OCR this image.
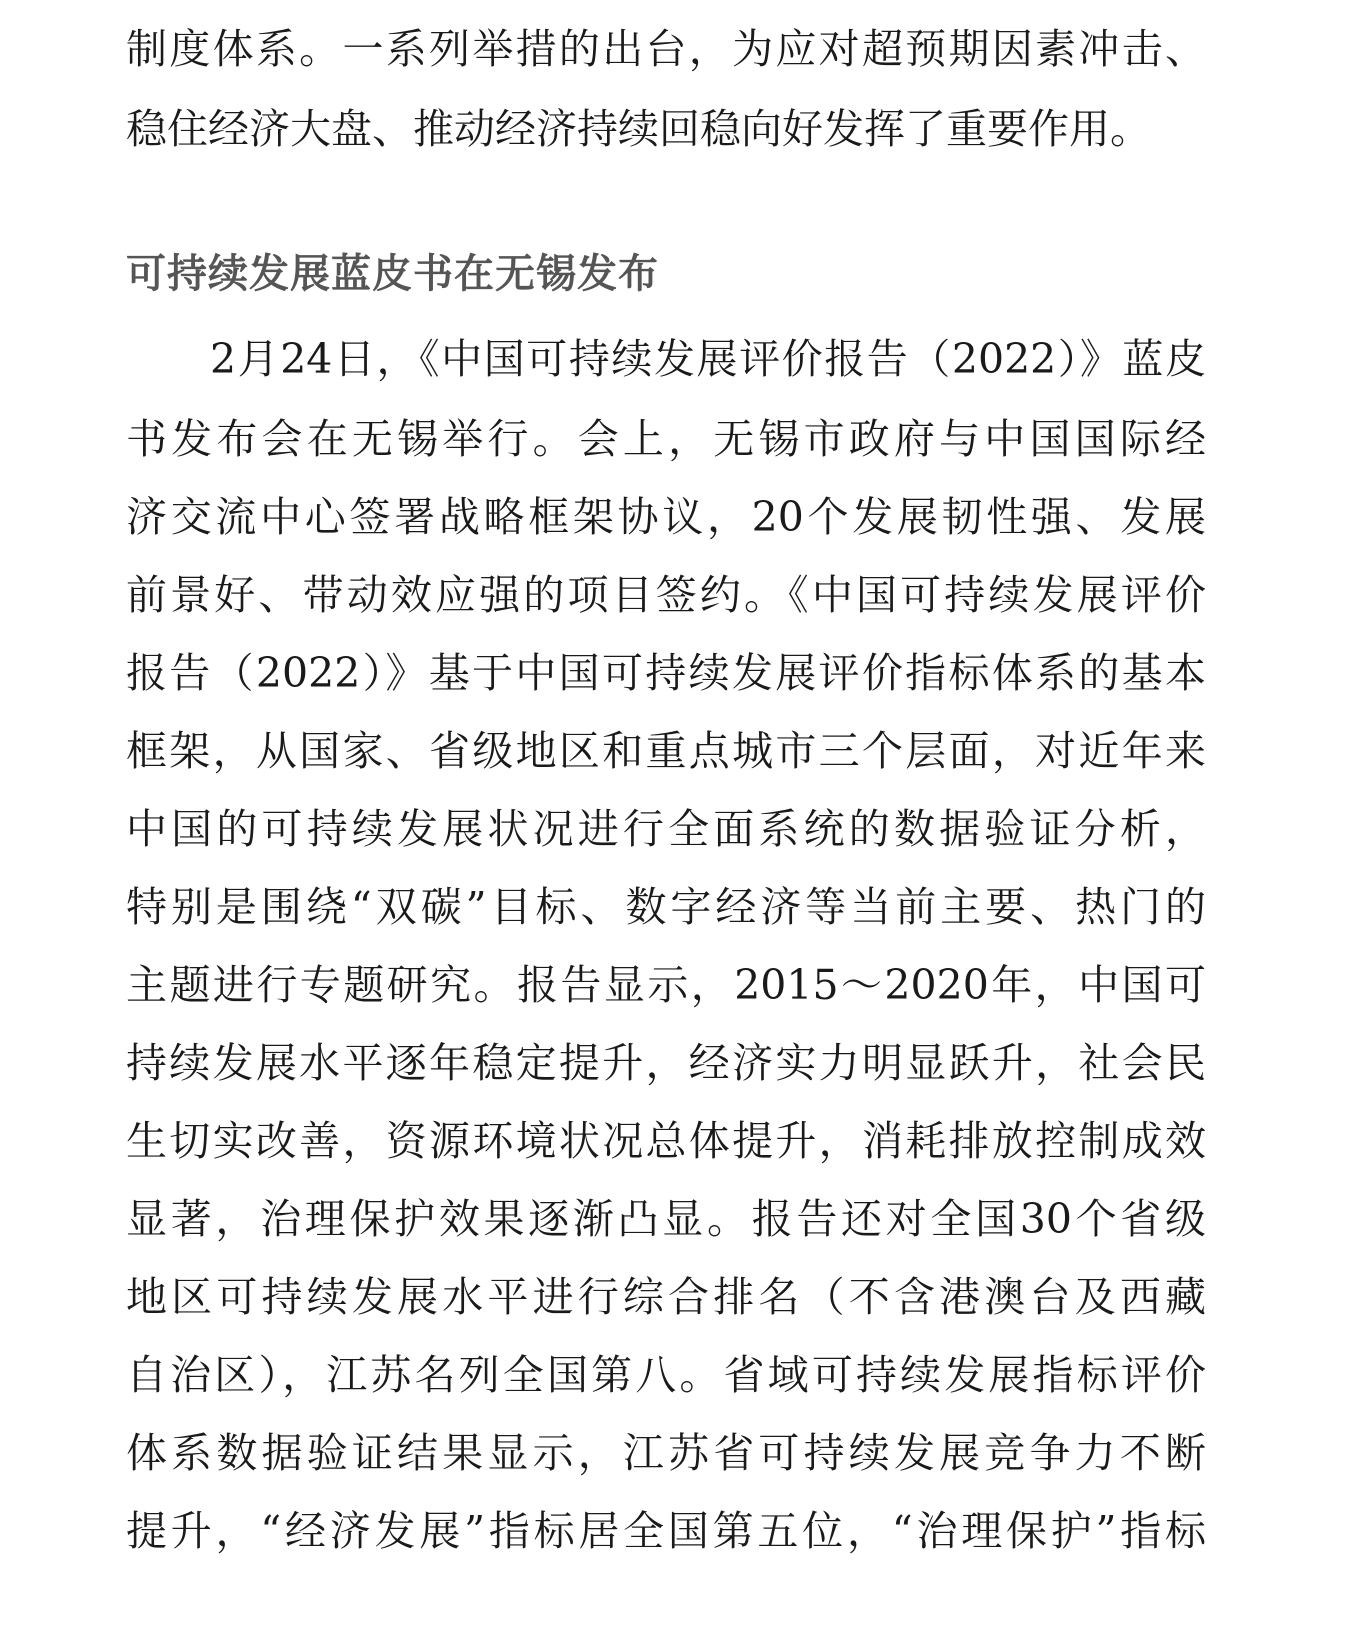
制度体系。一系列举措的出台，为应对超预期因素冲击、
稳住经济大盘、推动经济持续回稳向好发挥了重要作用。
可持续发展蓝皮书在无锡发布
2月24日，《中国可持续发展评价报告（2022）》蓝皮
书发布会在无锡举行。会上，无锡市政府与中国国际经
济交流中心签署战略框架协议，20个发展韧性强、发展
前景好、带动效应强的项目签约。《中国可持续发展评价
报告（2022）》基于中国可持续发展评价指标体系的基本
框架，从国家、省级地区和重点城市三个层面，对近年来
中国的可持续发展状况进行全面系统的数据验证分析，
特别是围绕“双碳”目标、数字经济等当前主要、热门的
主题进行专题研究。报告显示，2015～2020年，中国可
持续发展水平逐年稳定提升，经济实力明显跃升，社会民
生切实改善，资源环境状况总体提升，消耗排放控制成效
显著，治理保护效果逐渐凸显。报告还对全国30个省级
地区可持续发展水平进行综合排名（不含港澳台及西藏
自治区），江苏名列全国第八。省域可持续发展指标评价
体系数据验证结果显示，江苏省可持续发展竞争力不断
提升，“经济发展”指标居全国第五位，“治理保护”指标
